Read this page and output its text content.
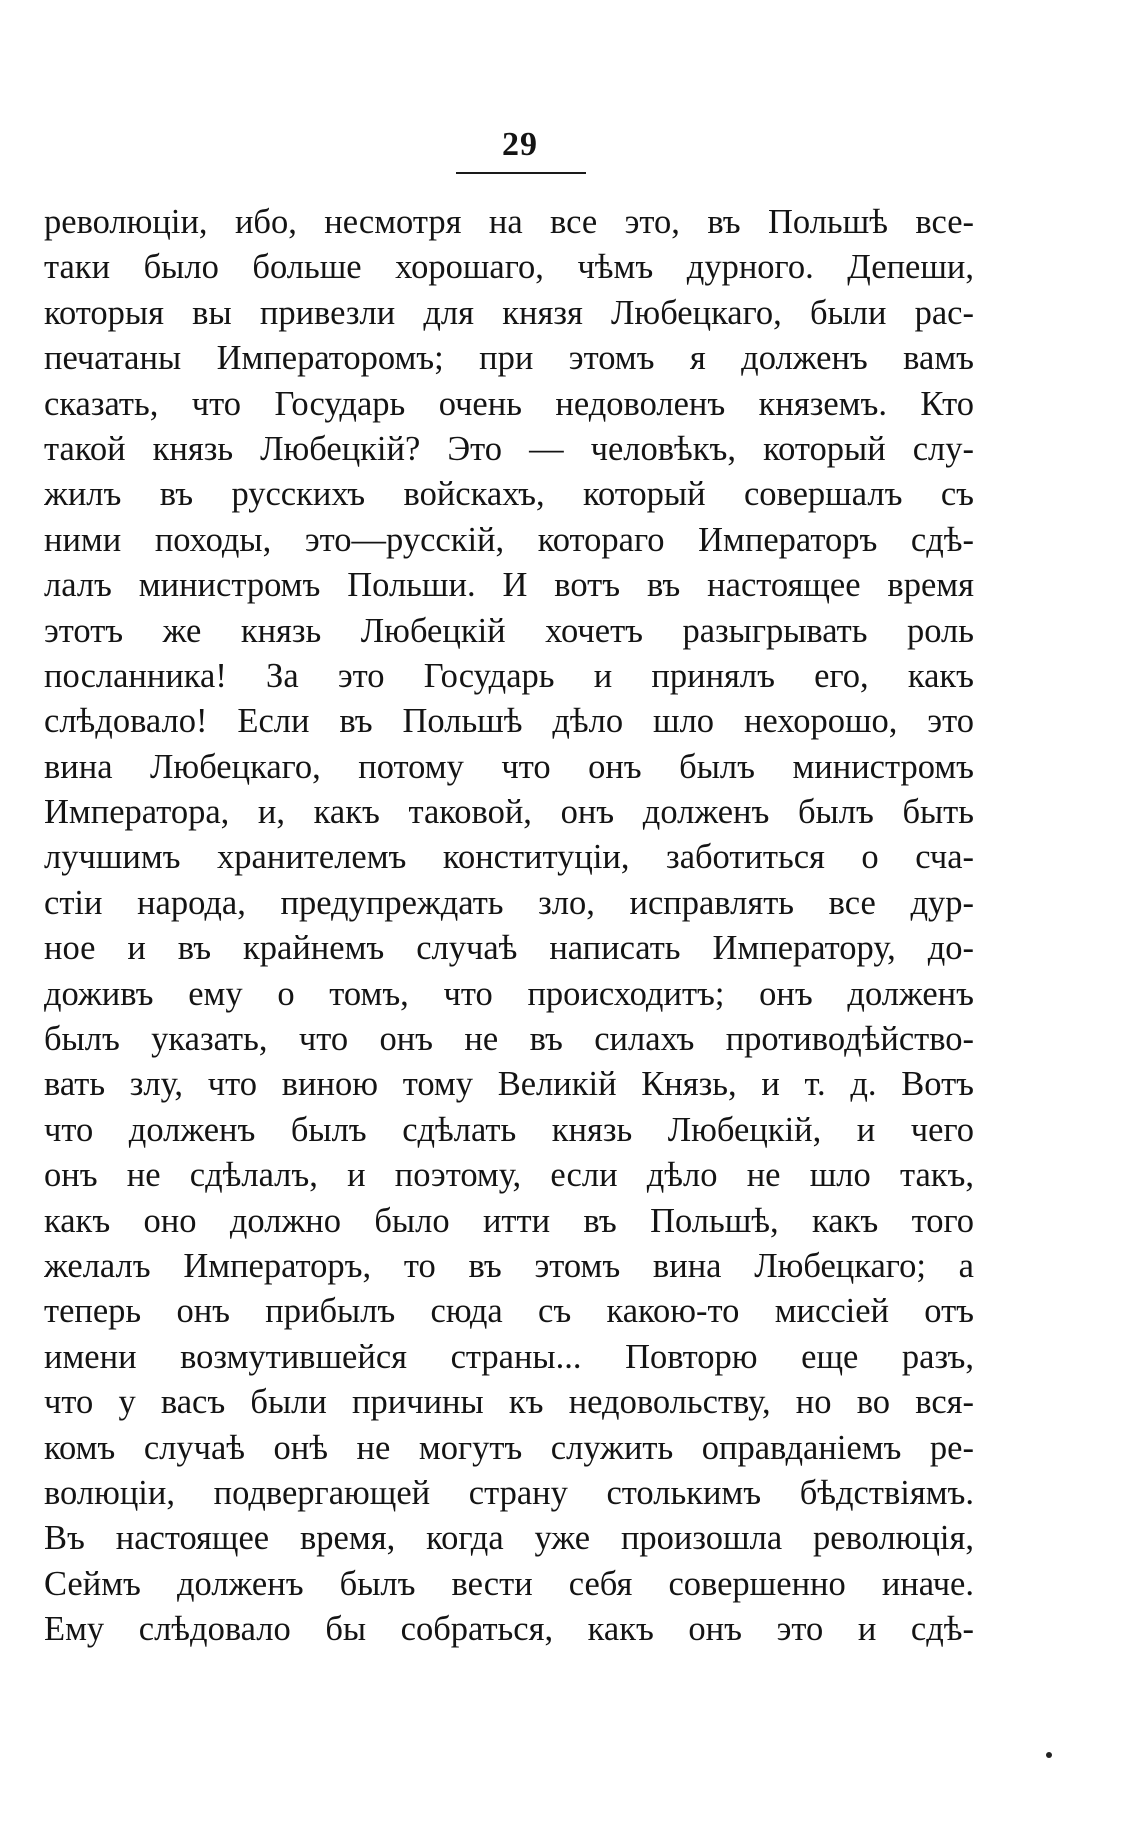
29
революціи, ибо, несмотря на все это, въ Польшѣ все-
таки было больше хорошаго, чѣмъ дурного. Депеши,
которыя вы привезли для князя Любецкаго, были рас-
печатаны Императоромъ; при этомъ я долженъ вамъ
сказать, что Государь очень недоволенъ княземъ. Кто
такой князь Любецкій? Это — человѣкъ, который слу-
жилъ въ русскихъ войскахъ, который совершалъ съ
ними походы, это—русскій, котораго Императоръ сдѣ-
лалъ министромъ Польши. И вотъ въ настоящее время
этотъ же князь Любецкій хочетъ разыгрывать роль
посланника! За это Государь и принялъ его, какъ
слѣдовало! Если въ Польшѣ дѣло шло нехорошо, это
вина Любецкаго, потому что онъ былъ министромъ
Императора, и, какъ таковой, онъ долженъ былъ быть
лучшимъ хранителемъ конституціи, заботиться о сча-
стіи народа, предупреждать зло, исправлять все дур-
ное и въ крайнемъ случаѣ написать Императору, до-
доживъ ему о томъ, что происходитъ; онъ долженъ
былъ указать, что онъ не въ силахъ противодѣйство-
вать злу, что виною тому Великій Князь, и т. д. Вотъ
что долженъ былъ сдѣлать князь Любецкій, и чего
онъ не сдѣлалъ, и поэтому, если дѣло не шло такъ,
какъ оно должно было итти въ Польшѣ, какъ того
желалъ Императоръ, то въ этомъ вина Любецкаго; а
теперь онъ прибылъ сюда съ какою-то миссіей отъ
имени возмутившейся страны... Повторю еще разъ,
что у васъ были причины къ недовольству, но во вся-
комъ случаѣ онѣ не могутъ служить оправданіемъ ре-
волюціи, подвергающей страну столькимъ бѣдствіямъ.
Въ настоящее время, когда уже произошла революція,
Сеймъ долженъ былъ вести себя совершенно иначе.
Ему слѣдовало бы собраться, какъ онъ это и сдѣ-
